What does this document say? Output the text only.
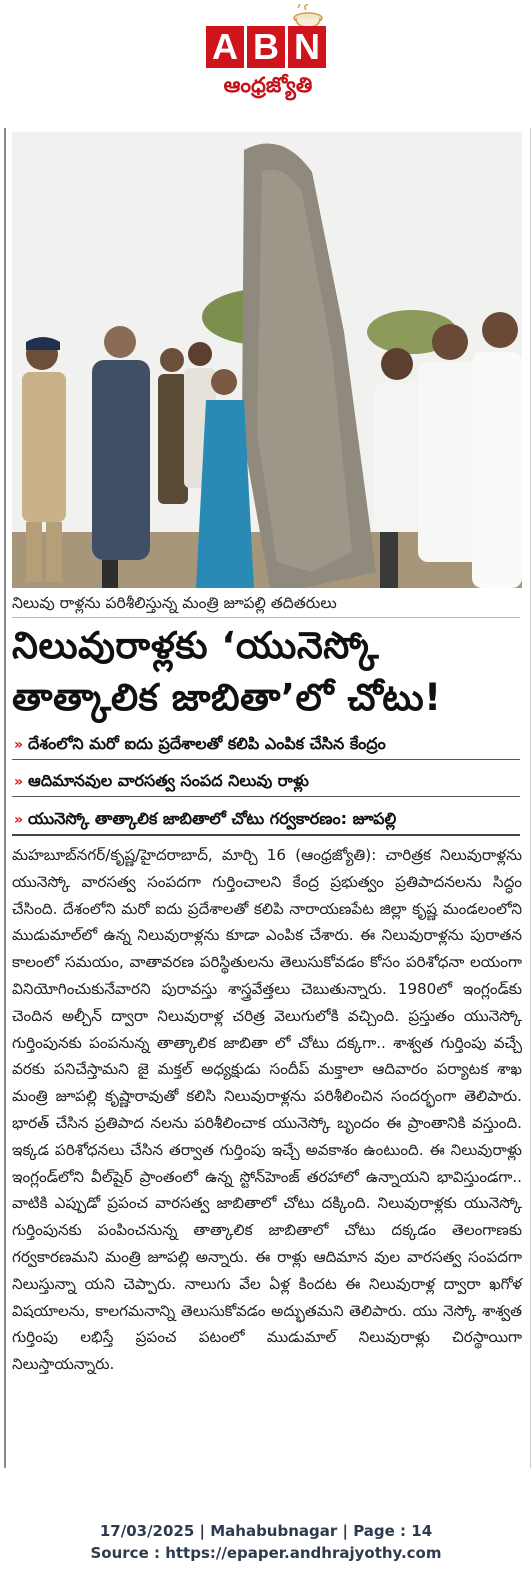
A B N
ఆంధ్రజ్యోతి
నిలువు రాళ్లను పరిశీలిస్తున్న మంత్రి జూపల్లి తదితరులు
నిలువురాళ్లకు ‘యునెస్కో
తాత్కాలిక జాబితా’లో చోటు!
» దేశంలోని మరో ఐదు ప్రదేశాలతో కలిపి ఎంపిక చేసిన కేంద్రం
» ఆదిమానవుల వారసత్వ సంపద నిలువు రాళ్లు
» యునెస్కో తాత్కాలిక జాబితాలో చోటు గర్వకారణం: జూపల్లి

మహబూబ్‌నగర్/కృష్ణ/హైదరాబాద్, మార్చి 16 (ఆంధ్రజ్యోతి): చారిత్రక నిలువురాళ్లను యునెస్కో వారసత్వ సంపదగా గుర్తించాలని కేంద్ర ప్రభుత్వం ప్రతిపాదనలను సిద్ధం చేసింది. దేశంలోని మరో ఐదు ప్రదేశాలతో కలిపి నారాయణపేట జిల్లా కృష్ణ మండలంలోని ముడుమాల్‌లో ఉన్న నిలువురాళ్లను కూడా ఎంపిక చేశారు. ఈ నిలువురాళ్లను పురాతన కాలంలో సమయం, వాతావరణ పరిస్థితులను తెలుసుకోవడం కోసం పరిశోధనా లయంగా వినియోగించుకునేవారని పురావస్తు శాస్త్రవేత్తలు చెబుతున్నారు. 1980లో ఇంగ్లండ్‌కు చెందిన అల్చీన్ ద్వారా నిలువురాళ్ల చరిత్ర వెలుగులోకి వచ్చింది. ప్రస్తుతం యునెస్కో గుర్తింపునకు పంపనున్న తాత్కాలిక జాబితా లో చోటు దక్కగా.. శాశ్వత గుర్తింపు వచ్చే వరకు పనిచేస్తామని జై మక్తల్ అధ్యక్షుడు సందీప్ మక్తాలా ఆదివారం పర్యాటక శాఖ మంత్రి జూపల్లి కృష్ణారావుతో కలిసి నిలువురాళ్లను పరిశీలించిన సందర్భంగా తెలిపారు. భారత్ చేసిన ప్రతిపాద నలను పరిశీలించాక యునెస్కో బృందం ఈ ప్రాంతానికి వస్తుంది. ఇక్కడ పరిశోధనలు చేసిన తర్వాత గుర్తింపు ఇచ్చే అవకాశం ఉంటుంది. ఈ నిలువురాళ్లు ఇంగ్లండ్‌లోని వీల్‌షైర్ ప్రాంతంలో ఉన్న స్టోన్‌హెంజ్ తరహాలో ఉన్నాయని భావిస్తుండగా.. వాటికి ఎప్పుడో ప్రపంచ వారసత్వ జాబితాలో చోటు దక్కింది. నిలువురాళ్లకు యునెస్కో గుర్తింపునకు పంపించనున్న తాత్కాలిక జాబితాలో చోటు దక్కడం తెలంగాణకు గర్వకారణమని మంత్రి జూపల్లి అన్నారు. ఈ రాళ్లు ఆదిమాన వుల వారసత్వ సంపదగా నిలుస్తున్నా యని చెప్పారు. నాలుగు వేల ఏళ్ల కిందట ఈ నిలువురాళ్ల ద్వారా ఖగోళ విషయాలను, కాలగమనాన్ని తెలుసుకోవడం అద్భుతమని తెలిపారు. యు నెస్కో శాశ్వత గుర్తింపు లభిస్తే ప్రపంచ పటంలో ముడుమాల్ నిలువురాళ్లు చిరస్థాయిగా నిలుస్తాయన్నారు.

17/03/2025 | Mahabubnagar | Page : 14
Source : https://epaper.andhrajyothy.com
